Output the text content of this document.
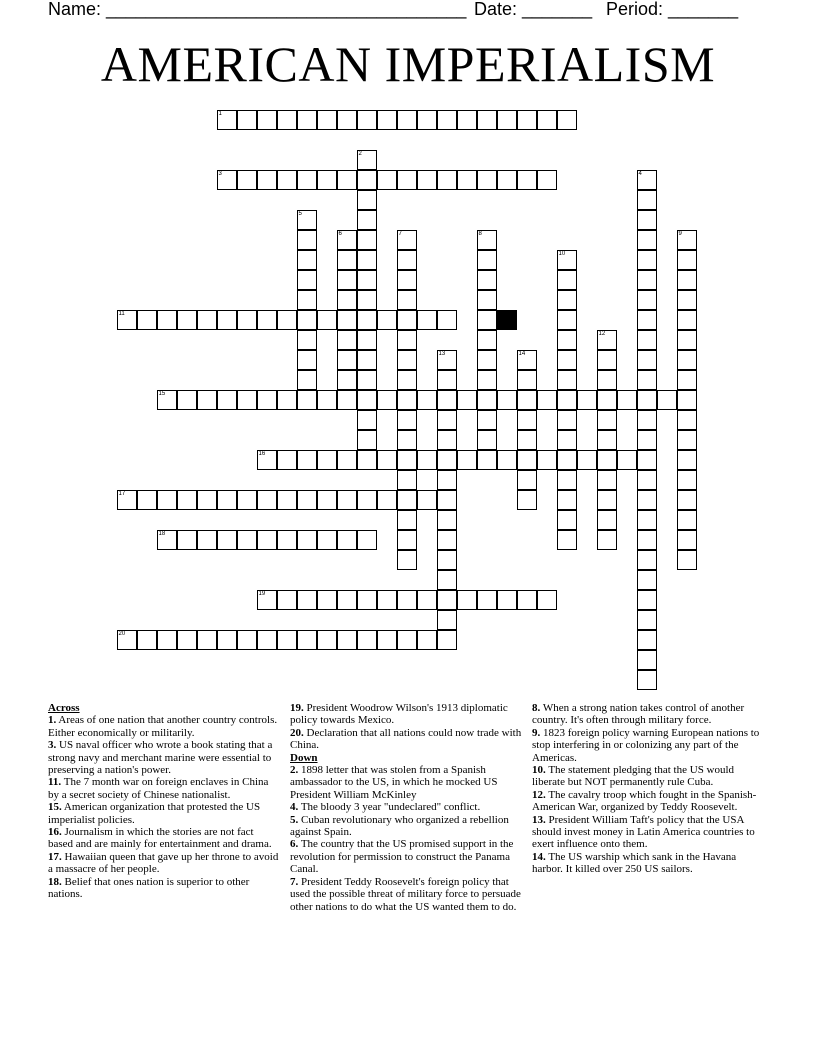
Name: ____________________________________ Date: _______ Period: _______
AMERICAN IMPERIALISM
1
2
3	4
5
6	7	8	9
10
11
12
13	14
15
16
17
18
19
20

Across

1. Areas of one nation that another country controls. Either economically or militarily.

3. US naval officer who wrote a book stating that a strong navy and merchant marine were essential to preserving a nation's power.

11. The 7 month war on foreign enclaves in China by a secret society of Chinese nationalist.

15. American organization that protested the US imperialist policies.

16. Journalism in which the stories are not fact based and are mainly for entertainment and drama.

17. Hawaiian queen that gave up her throne to avoid a massacre of her people.

18. Belief that ones nation is superior to other nations.

19. President Woodrow Wilson's 1913 diplomatic policy towards Mexico.

20. Declaration that all nations could now trade with China.

Down

2. 1898 letter that was stolen from a Spanish ambassador to the US, in which he mocked US President William McKinley

4. The bloody 3 year "undeclared" conflict.

5. Cuban revolutionary who organized a rebellion against Spain.

6. The country that the US promised support in the revolution for permission to construct the Panama Canal.

7. President Teddy Roosevelt's foreign policy that used the possible threat of military force to persuade other nations to do what the US wanted them to do.

8. When a strong nation takes control of another country. It's often through military force.

9. 1823 foreign policy warning European nations to stop interfering in or colonizing any part of the Americas.

10. The statement pledging that the US would liberate but NOT permanently rule Cuba.

12. The cavalry troop which fought in the Spanish-American War, organized by Teddy Roosevelt.

13. President William Taft's policy that the USA should invest money in Latin America countries to exert influence onto them.

14. The US warship which sank in the Havana harbor. It killed over 250 US sailors.
